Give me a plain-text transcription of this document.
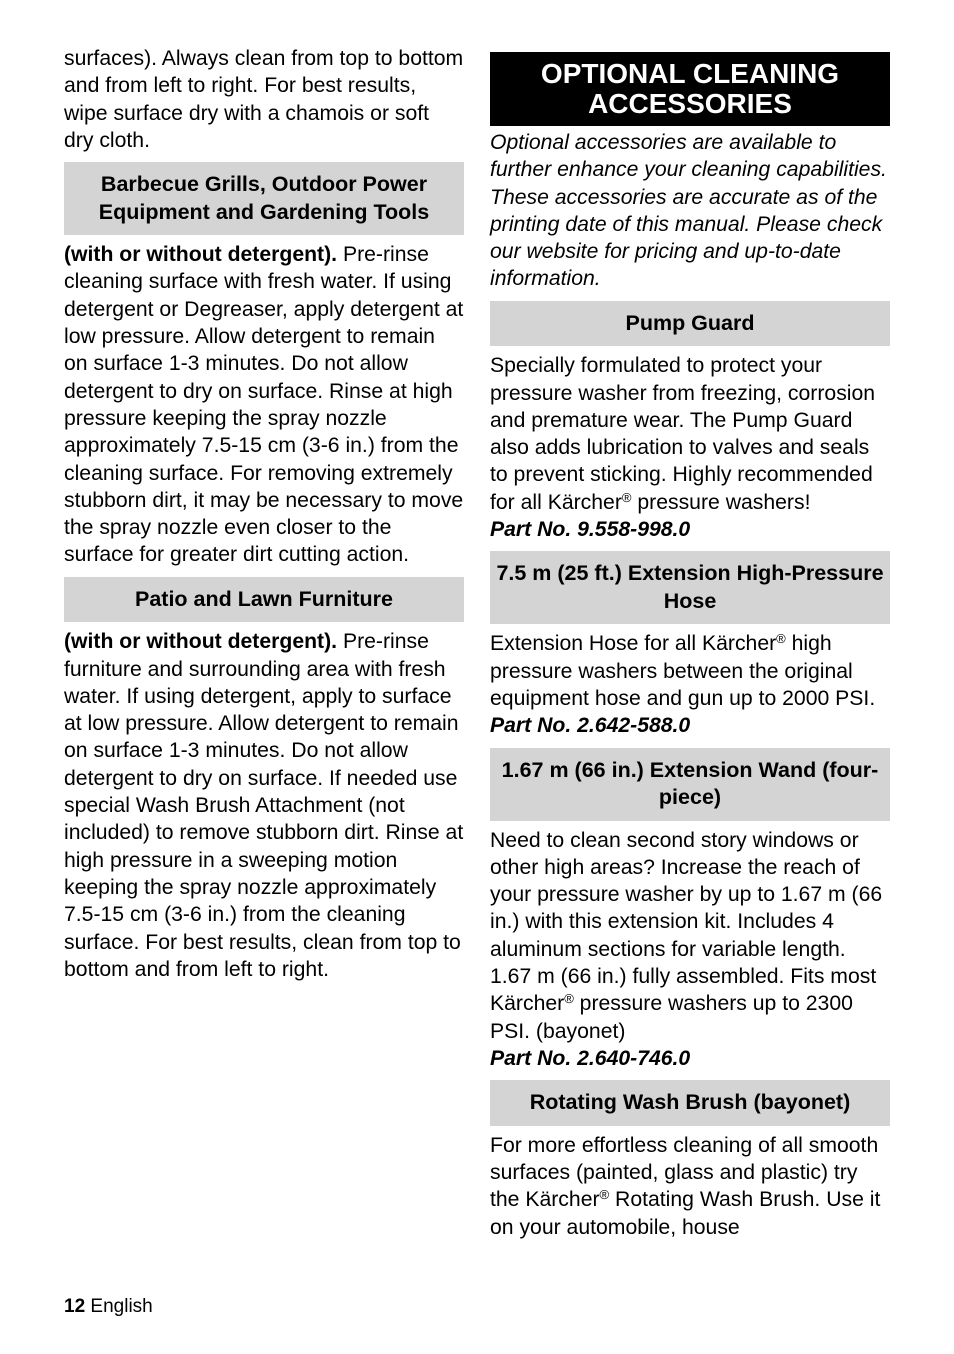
surfaces). Always clean from top to bottom and from left to right. For best results, wipe surface dry with a chamois or soft dry cloth.

Barbecue Grills, Outdoor Power Equipment and Gardening Tools

(with or without detergent). Pre-rinse cleaning surface with fresh water. If using detergent or Degreaser, apply detergent at low pressure. Allow detergent to remain on surface 1-3 minutes. Do not allow detergent to dry on surface. Rinse at high pressure keeping the spray nozzle approximately 7.5-15 cm (3-6 in.) from the cleaning surface. For removing extremely stubborn dirt, it may be necessary to move the spray nozzle even closer to the surface for greater dirt cutting action.

Patio and Lawn Furniture

(with or without detergent). Pre-rinse furniture and surrounding area with fresh water. If using detergent, apply to surface at low pressure. Allow detergent to remain on surface 1-3 minutes. Do not allow detergent to dry on surface. If needed use special Wash Brush Attachment (not included) to remove stubborn dirt. Rinse at high pressure in a sweeping motion keeping the spray nozzle approximately 7.5-15 cm (3-6 in.) from the cleaning surface. For best results, clean from top to bottom and from left to right.

OPTIONAL CLEANING ACCESSORIES

Optional accessories are available to further enhance your cleaning capabilities. These accessories are accurate as of the printing date of this manual. Please check our website for pricing and up-to-date information.

Pump Guard

Specially formulated to protect your pressure washer from freezing, corrosion and premature wear. The Pump Guard also adds lubrication to valves and seals to prevent sticking. Highly recommended for all Kärcher® pressure washers!

Part No. 9.558-998.0

7.5 m (25 ft.) Extension High-Pressure Hose

Extension Hose for all Kärcher® high pressure washers between the original equipment hose and gun up to 2000 PSI.

Part No. 2.642-588.0

1.67 m (66 in.) Extension Wand (four-piece)

Need to clean second story windows or other high areas? Increase the reach of your pressure washer by up to 1.67 m (66 in.) with this extension kit. Includes 4 aluminum sections for variable length. 1.67 m (66 in.) fully assembled. Fits most Kärcher® pressure washers up to 2300 PSI. (bayonet)

Part No. 2.640-746.0

Rotating Wash Brush (bayonet)

For more effortless cleaning of all smooth surfaces (painted, glass and plastic) try the Kärcher® Rotating Wash Brush. Use it on your automobile, house

12 English
